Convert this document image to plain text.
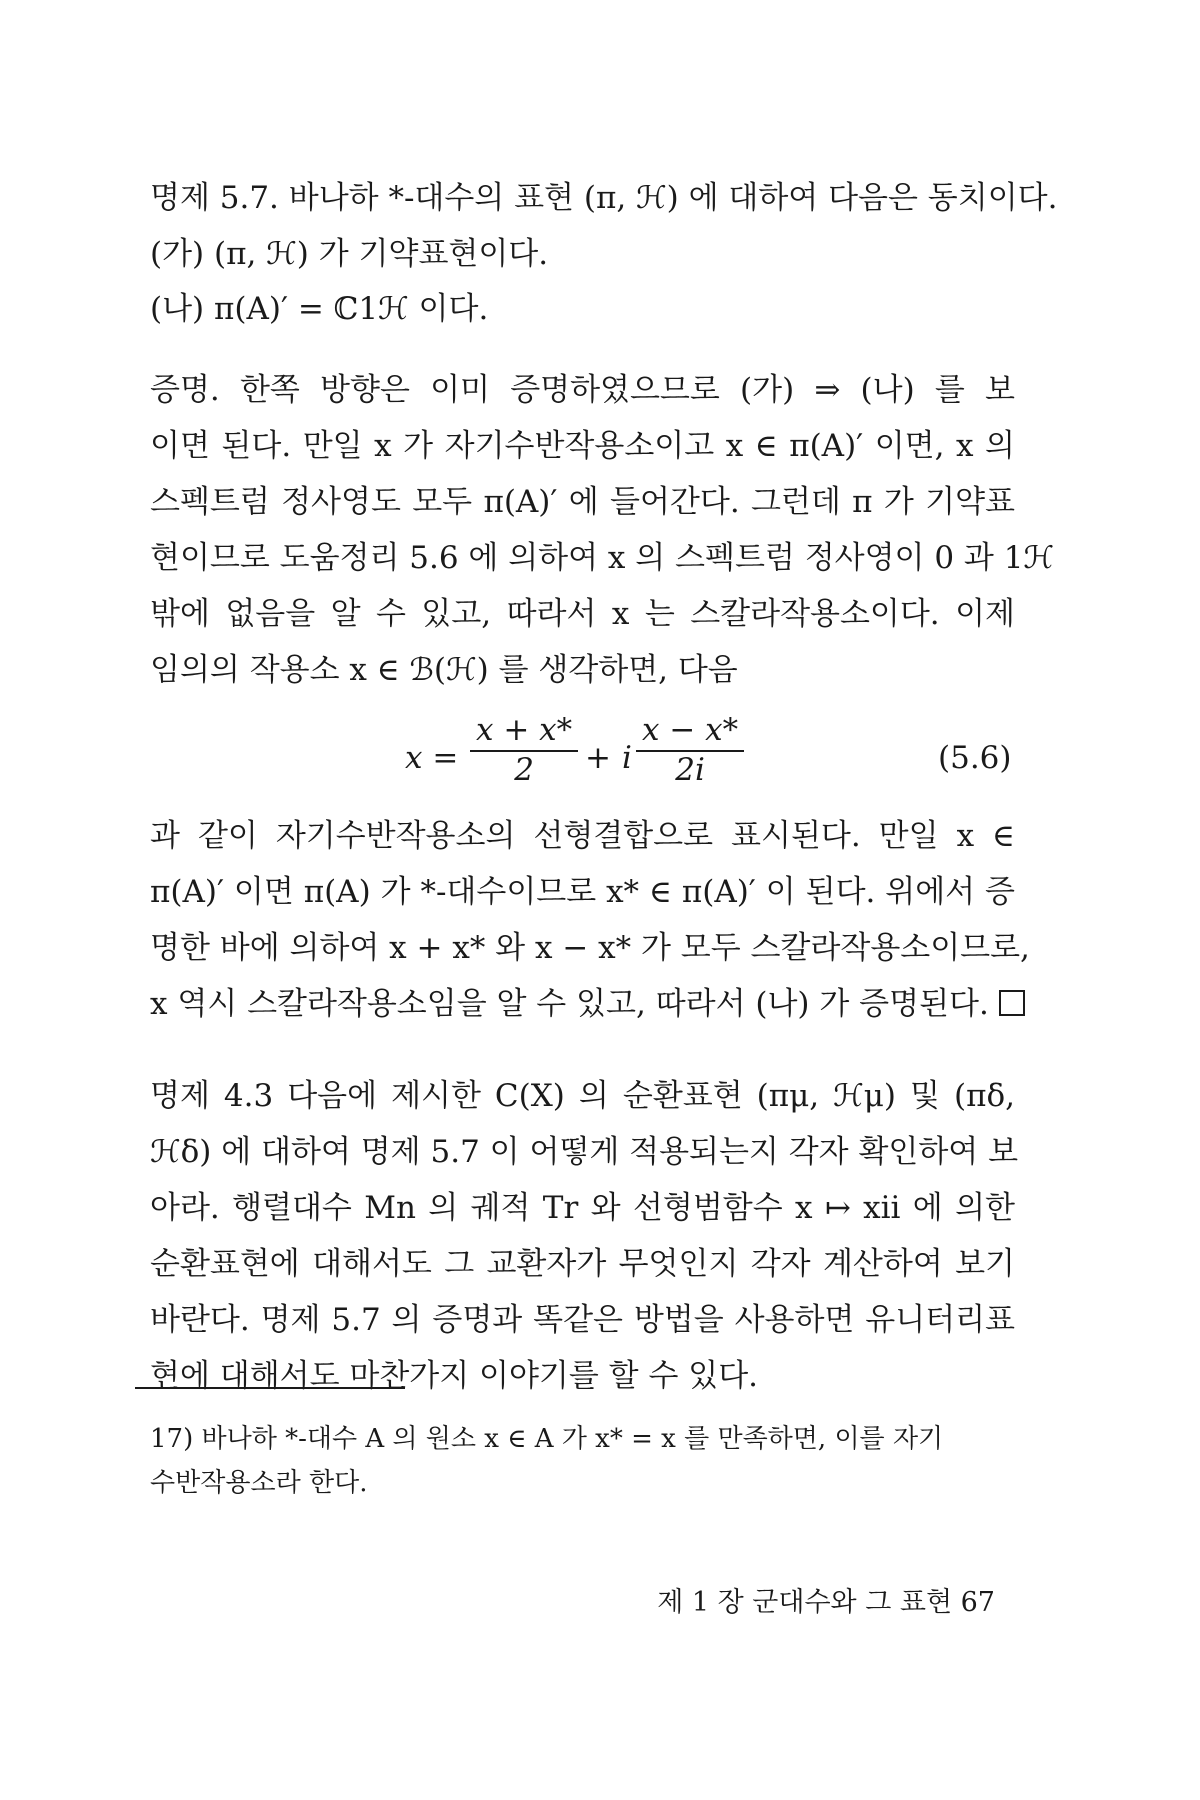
명제 5.7. 바나하 *-대수의 표현 (π, ℋ) 에 대하여 다음은 동치이다.
(가) (π, ℋ) 가 기약표현이다.
(나) π(A)′ = ℂ1ℋ 이다.
증명. 한쪽 방향은 이미 증명하였으므로 (가) ⇒ (나) 를 보
이면 된다. 만일 x 가 자기수반작용소이고 x ∈ π(A)′ 이면, x 의
스펙트럼 정사영도 모두 π(A)′ 에 들어간다. 그런데 π 가 기약표
현이므로 도움정리 5.6 에 의하여 x 의 스펙트럼 정사영이 0 과 1ℋ
밖에 없음을 알 수 있고, 따라서 x 는 스칼라작용소이다. 이제
임의의 작용소 x ∈ ℬ(ℋ) 를 생각하면, 다음
x =
x + x*
2	+ i
x − x*
2i	(5.6)
과 같이 자기수반작용소의 선형결합으로 표시된다. 만일 x ∈
π(A)′ 이면 π(A) 가 *-대수이므로 x* ∈ π(A)′ 이 된다. 위에서 증
명한 바에 의하여 x + x* 와 x − x* 가 모두 스칼라작용소이므로,
x 역시 스칼라작용소임을 알 수 있고, 따라서 (나) 가 증명된다.
명제 4.3 다음에 제시한 C(X) 의 순환표현 (πμ, ℋμ) 및 (πδ,
ℋδ) 에 대하여 명제 5.7 이 어떻게 적용되는지 각자 확인하여 보
아라. 행렬대수 Mn 의 궤적 Tr 와 선형범함수 x ↦ xii 에 의한
순환표현에 대해서도 그 교환자가 무엇인지 각자 계산하여 보기
바란다. 명제 5.7 의 증명과 똑같은 방법을 사용하면 유니터리표
현에 대해서도 마찬가지 이야기를 할 수 있다.
17) 바나하 *-대수 A 의 원소 x ∈ A 가 x* = x 를 만족하면, 이를 자기
수반작용소라 한다.
제 1 장 군대수와 그 표현 67
